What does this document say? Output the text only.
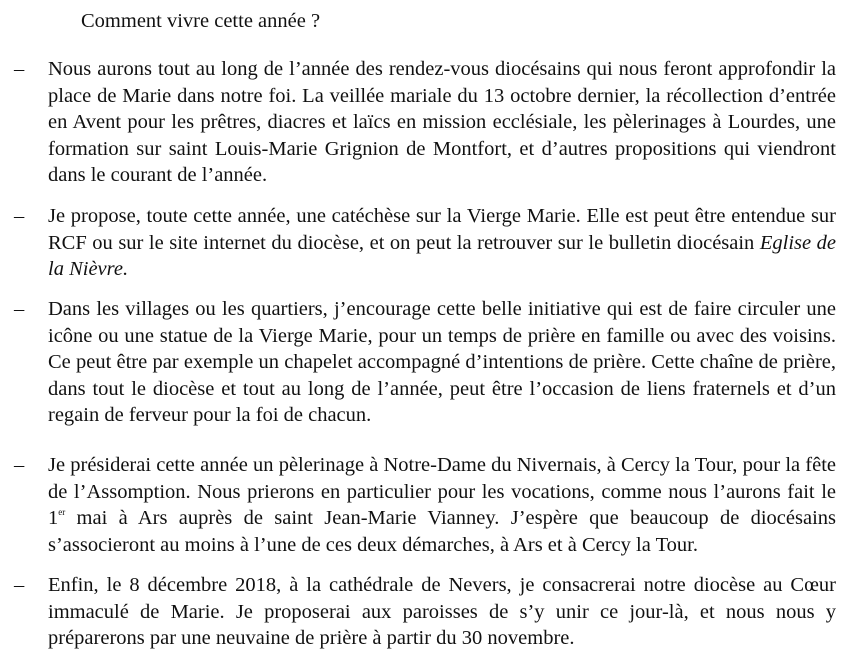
Comment vivre cette année ?
– Nous aurons tout au long de l’année des rendez-vous diocésains qui nous feront approfondir la place de Marie dans notre foi. La veillée mariale du 13 octobre dernier, la récollection d’entrée en Avent pour les prêtres, diacres et laïcs en mission ecclésiale, les pèlerinages à Lourdes, une formation sur saint Louis-Marie Grignion de Montfort, et d’autres propositions qui viendront dans le courant de l’année.

– Je propose, toute cette année, une catéchèse sur la Vierge Marie. Elle est peut être entendue sur RCF ou sur le site internet du diocèse, et on peut la retrouver sur le bulletin diocésain Eglise de la Nièvre.

– Dans les villages ou les quartiers, j’encourage cette belle initiative qui est de faire circuler une icône ou une statue de la Vierge Marie, pour un temps de prière en famille ou avec des voisins. Ce peut être par exemple un chapelet accompagné d’intentions de prière. Cette chaîne de prière, dans tout le diocèse et tout au long de l’année, peut être l’occasion de liens fraternels et d’un regain de ferveur pour la foi de chacun.

– Je présiderai cette année un pèlerinage à Notre-Dame du Nivernais, à Cercy la Tour, pour la fête de l’Assomption. Nous prierons en particulier pour les vocations, comme nous l’aurons fait le 1er mai à Ars auprès de saint Jean-Marie Vianney. J’espère que beaucoup de diocésains s’associeront au moins à l’une de ces deux démarches, à Ars et à Cercy la Tour.

– Enfin, le 8 décembre 2018, à la cathédrale de Nevers, je consacrerai notre diocèse au Cœur immaculé de Marie. Je proposerai aux paroisses de s’y unir ce jour-là, et nous nous y préparerons par une neuvaine de prière à partir du 30 novembre.
